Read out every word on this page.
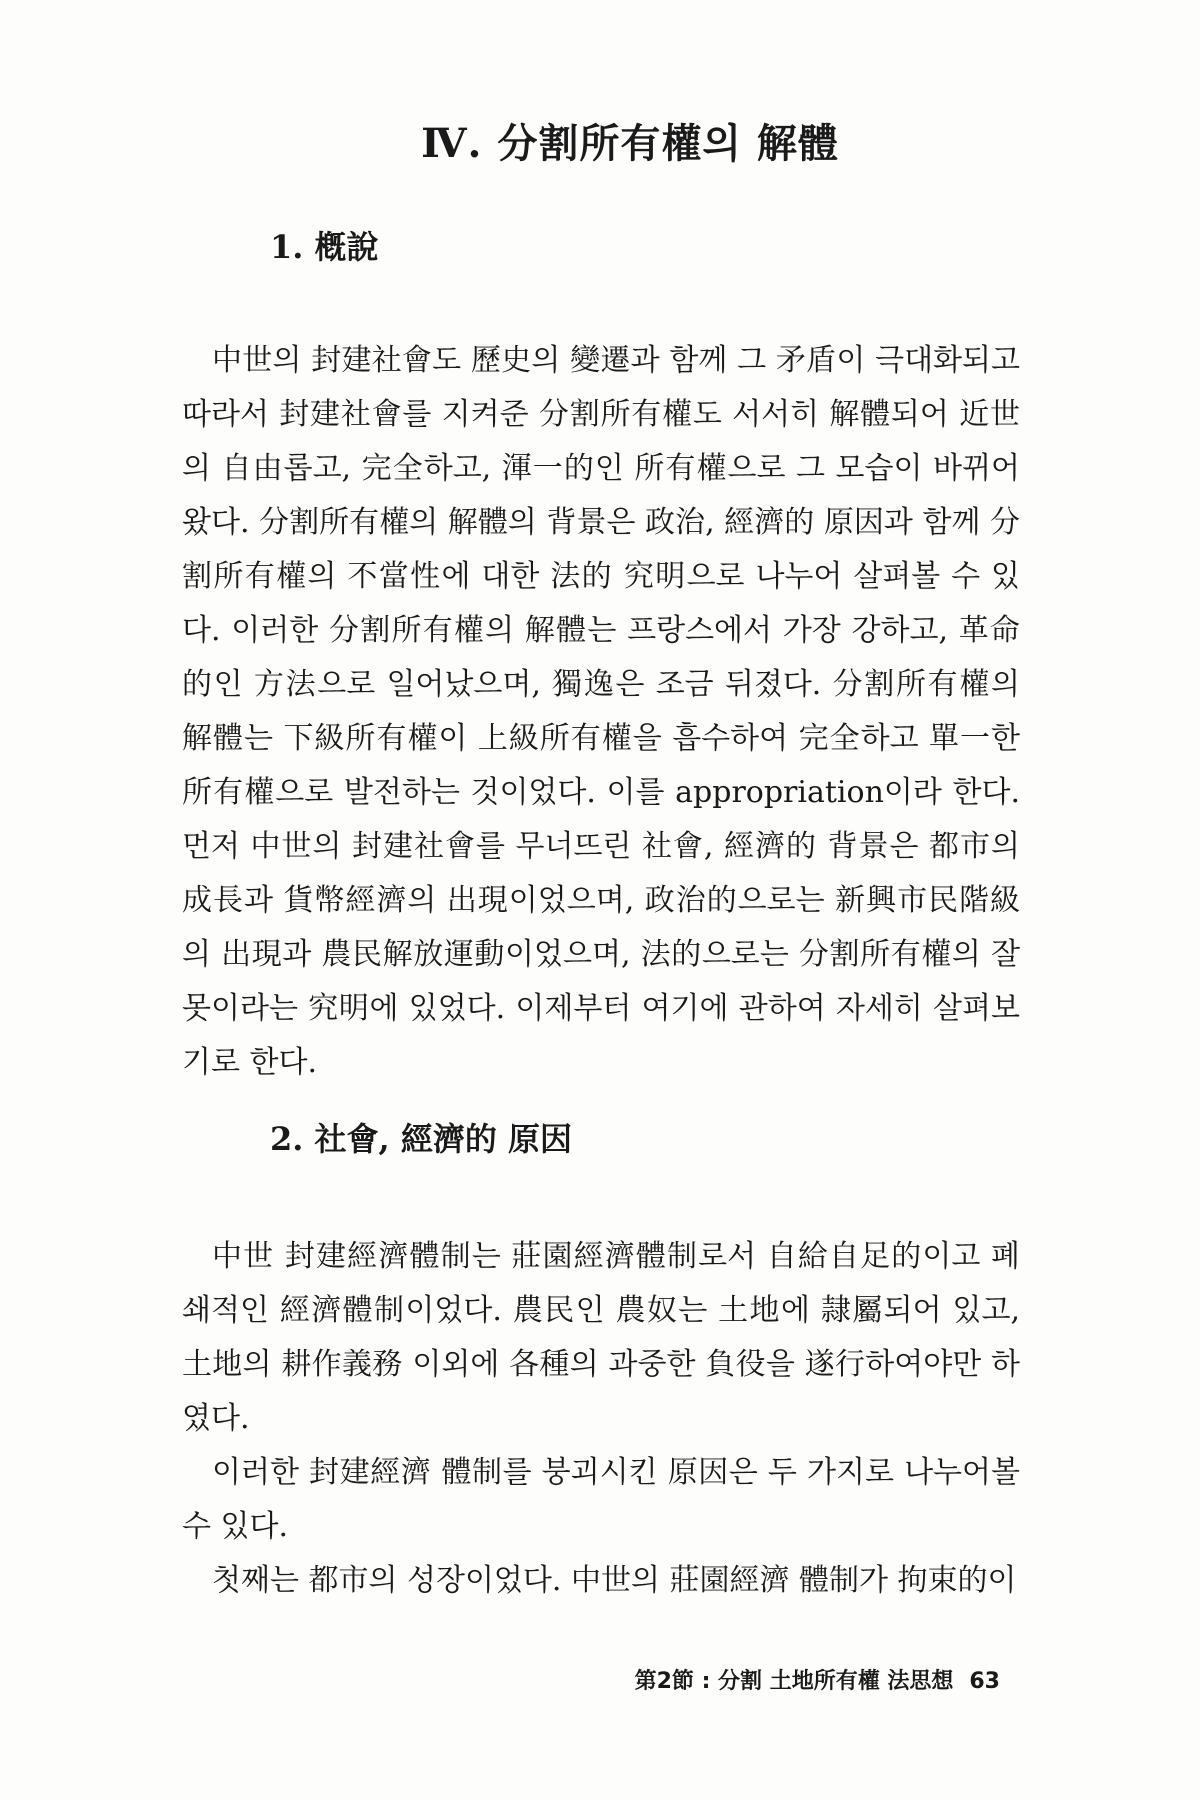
Ⅳ. 分割所有權의 解體
1. 槪說

中世의 封建社會도 歷史의 變遷과 함께 그 矛盾이 극대화되고 따라서 封建社會를 지켜준 分割所有權도 서서히 解體되어 近世의 自由롭고, 完全하고, 渾一的인 所有權으로 그 모습이 바뀌어 왔다. 分割所有權의 解體의 背景은 政治, 經濟的 原因과 함께 分割所有權의 不當性에 대한 法的 究明으로 나누어 살펴볼 수 있다. 이러한 分割所有權의 解體는 프랑스에서 가장 강하고, 革命的인 方法으로 일어났으며, 獨逸은 조금 뒤졌다. 分割所有權의 解體는 下級所有權이 上級所有權을 흡수하여 完全하고 單一한 所有權으로 발전하는 것이었다. 이를 appropriation이라 한다. 먼저 中世의 封建社會를 무너뜨린 社會, 經濟的 背景은 都市의 成長과 貨幣經濟의 出現이었으며, 政治的으로는 新興市民階級의 出現과 農民解放運動이었으며, 法的으로는 分割所有權의 잘못이라는 究明에 있었다. 이제부터 여기에 관하여 자세히 살펴보기로 한다.

2. 社會, 經濟的 原因

中世 封建經濟體制는 莊園經濟體制로서 自給自足的이고 폐쇄적인 經濟體制이었다. 農民인 農奴는 土地에 隷屬되어 있고, 土地의 耕作義務 이외에 各種의 과중한 負役을 遂行하여야만 하였다.

이러한 封建經濟 體制를 붕괴시킨 原因은 두 가지로 나누어볼 수 있다.

첫째는 都市의 성장이었다. 中世의 莊園經濟 體制가 拘束的이

第2節 : 分割 土地所有權 法思想 63
